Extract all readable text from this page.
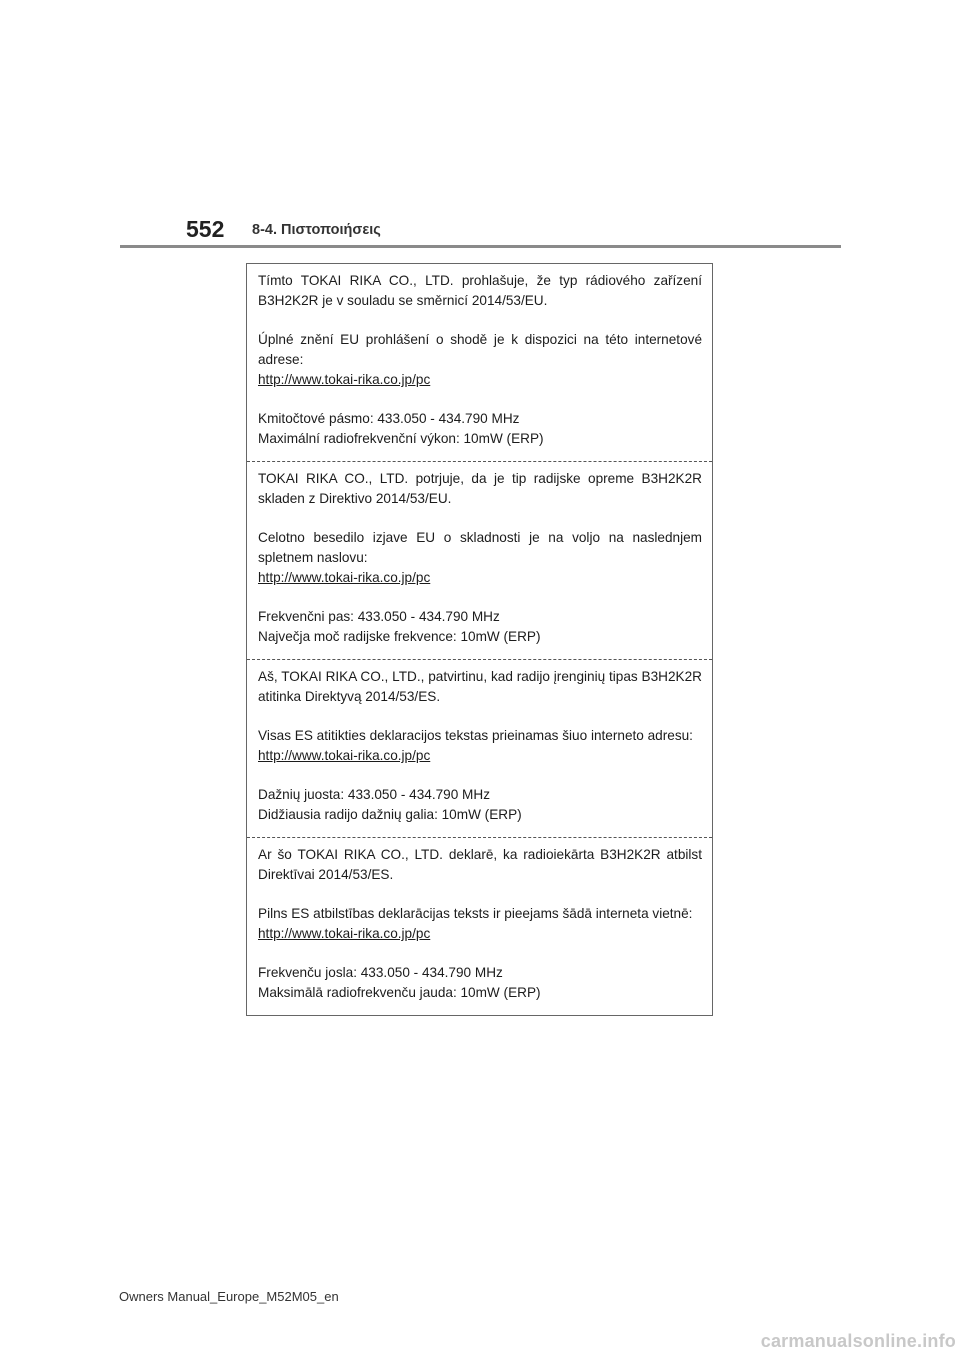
552 8-4. Πιστοποιήσεις

Tímto TOKAI RIKA CO., LTD. prohlašuje, že typ rádiového zařízení B3H2K2R je v souladu se směrnicí 2014/53/EU.

Úplné znění EU prohlášení o shodě je k dispozici na této internetové adrese:

http://www.tokai-rika.co.jp/pc

Kmitočtové pásmo: 433.050 - 434.790 MHz

Maximální radiofrekvenční výkon: 10mW (ERP)

TOKAI RIKA CO., LTD. potrjuje, da je tip radijske opreme B3H2K2R skladen z Direktivo 2014/53/EU.

Celotno besedilo izjave EU o skladnosti je na voljo na naslednjem spletnem naslovu:

http://www.tokai-rika.co.jp/pc

Frekvenčni pas: 433.050 - 434.790 MHz

Največja moč radijske frekvence: 10mW (ERP)

Aš, TOKAI RIKA CO., LTD., patvirtinu, kad radijo įrenginių tipas B3H2K2R atitinka Direktyvą 2014/53/ES.

Visas ES atitikties deklaracijos tekstas prieinamas šiuo interneto adresu:

http://www.tokai-rika.co.jp/pc

Dažnių juosta: 433.050 - 434.790 MHz

Didžiausia radijo dažnių galia: 10mW (ERP)

Ar šo TOKAI RIKA CO., LTD. deklarē, ka radioiekārta B3H2K2R atbilst Direktīvai 2014/53/ES.

Pilns ES atbilstības deklarācijas teksts ir pieejams šādā interneta vietnē:

http://www.tokai-rika.co.jp/pc

Frekvenču josla: 433.050 - 434.790 MHz

Maksimālā radiofrekvenču jauda: 10mW (ERP)

Owners Manual_Europe_M52M05_en
carmanualsonline.info
